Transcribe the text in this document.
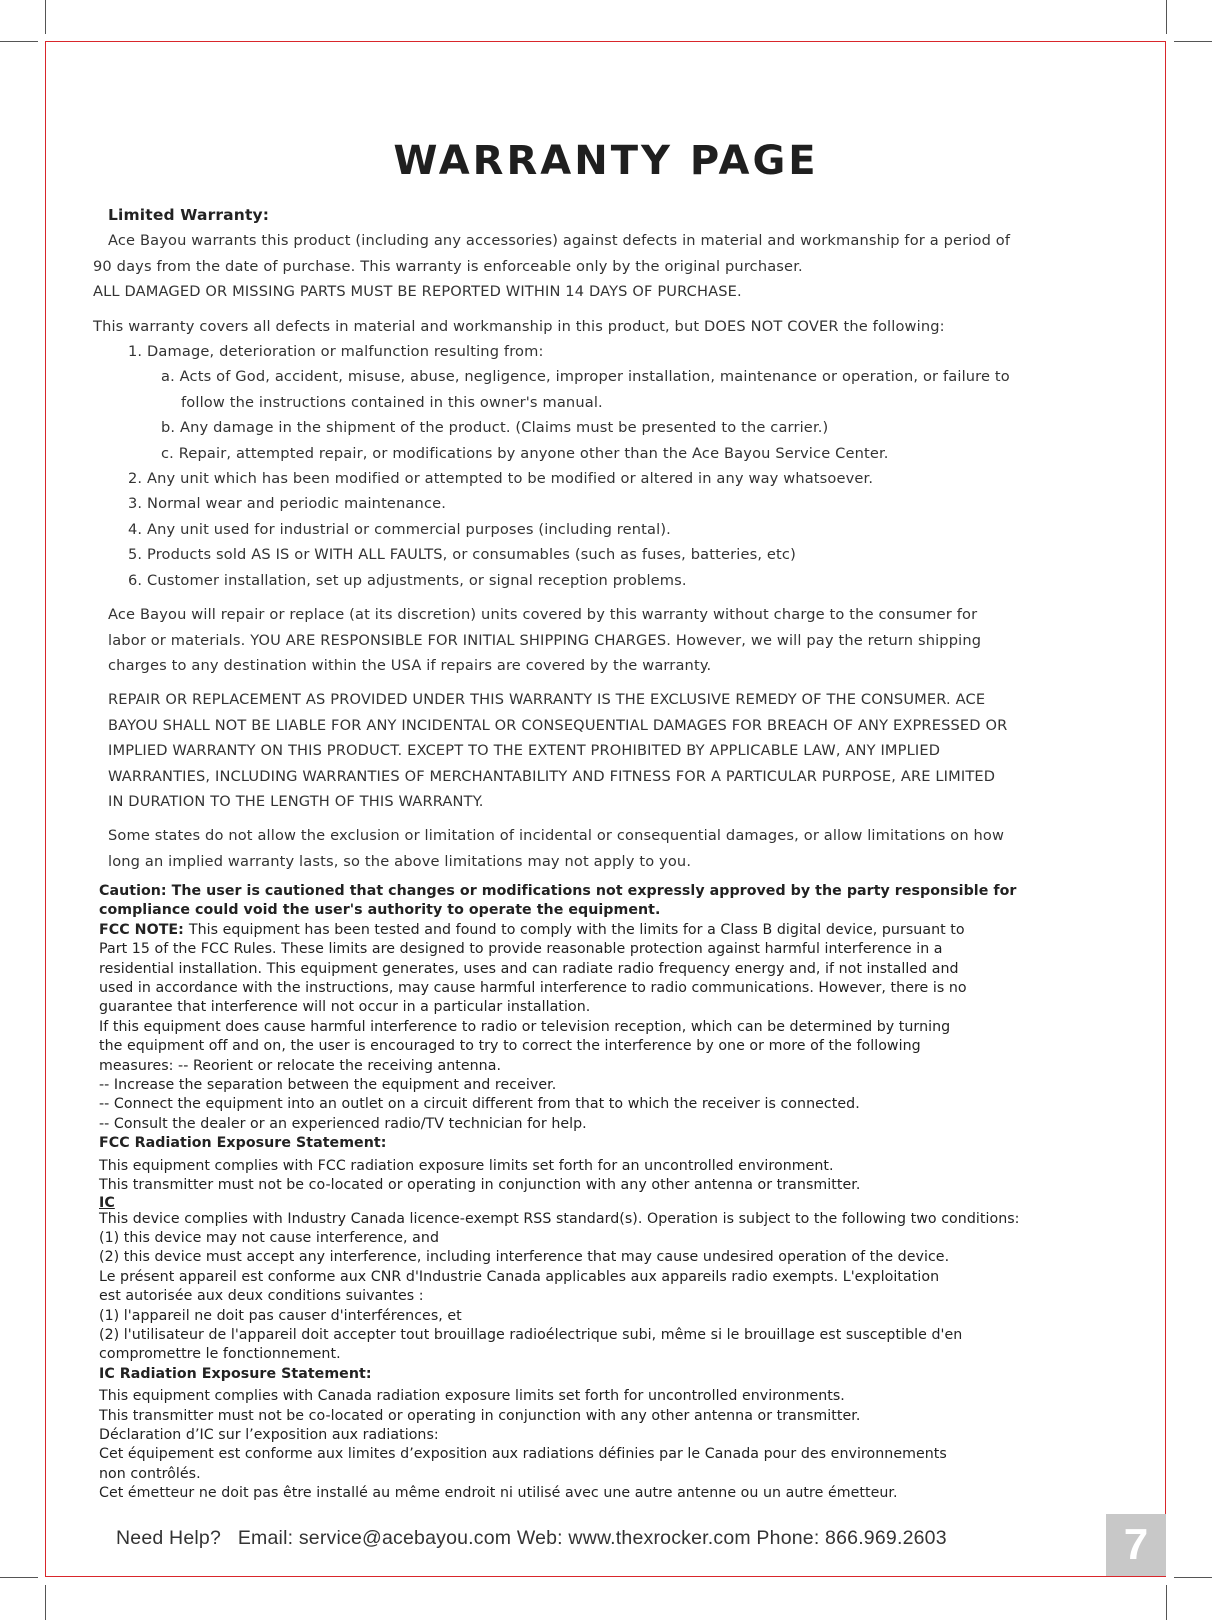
WARRANTY PAGE

Limited Warranty:

Ace Bayou warrants this product (including any accessories) against defects in material and workmanship for a period of

90 days from the date of purchase. This warranty is enforceable only by the original purchaser.

ALL DAMAGED OR MISSING PARTS MUST BE REPORTED WITHIN 14 DAYS OF PURCHASE.

This warranty covers all defects in material and workmanship in this product, but DOES NOT COVER the following:

1. Damage, deterioration or malfunction resulting from:

a. Acts of God, accident, misuse, abuse, negligence, improper installation, maintenance or operation, or failure to

follow the instructions contained in this owner's manual.

b. Any damage in the shipment of the product. (Claims must be presented to the carrier.)

c. Repair, attempted repair, or modifications by anyone other than the Ace Bayou Service Center.

2. Any unit which has been modified or attempted to be modified or altered in any way whatsoever.

3. Normal wear and periodic maintenance.

4. Any unit used for industrial or commercial purposes (including rental).

5. Products sold AS IS or WITH ALL FAULTS, or consumables (such as fuses, batteries, etc)

6. Customer installation, set up adjustments, or signal reception problems.

Ace Bayou will repair or replace (at its discretion) units covered by this warranty without charge to the consumer for

labor or materials. YOU ARE RESPONSIBLE FOR INITIAL SHIPPING CHARGES. However, we will pay the return shipping

charges to any destination within the USA if repairs are covered by the warranty.

REPAIR OR REPLACEMENT AS PROVIDED UNDER THIS WARRANTY IS THE EXCLUSIVE REMEDY OF THE CONSUMER. ACE

BAYOU SHALL NOT BE LIABLE FOR ANY INCIDENTAL OR CONSEQUENTIAL DAMAGES FOR BREACH OF ANY EXPRESSED OR

IMPLIED WARRANTY ON THIS PRODUCT. EXCEPT TO THE EXTENT PROHIBITED BY APPLICABLE LAW, ANY IMPLIED

WARRANTIES, INCLUDING WARRANTIES OF MERCHANTABILITY AND FITNESS FOR A PARTICULAR PURPOSE, ARE LIMITED

IN DURATION TO THE LENGTH OF THIS WARRANTY.

Some states do not allow the exclusion or limitation of incidental or consequential damages, or allow limitations on how

long an implied warranty lasts, so the above limitations may not apply to you.

Caution: The user is cautioned that changes or modifications not expressly approved by the party responsible for

compliance could void the user's authority to operate the equipment.

FCC NOTE: This equipment has been tested and found to comply with the limits for a Class B digital device, pursuant to

Part 15 of the FCC Rules. These limits are designed to provide reasonable protection against harmful interference in a

residential installation. This equipment generates, uses and can radiate radio frequency energy and, if not installed and

used in accordance with the instructions, may cause harmful interference to radio communications. However, there is no

guarantee that interference will not occur in a particular installation.

If this equipment does cause harmful interference to radio or television reception, which can be determined by turning

the equipment off and on, the user is encouraged to try to correct the interference by one or more of the following

measures: -- Reorient or relocate the receiving antenna.

-- Increase the separation between the equipment and receiver.

-- Connect the equipment into an outlet on a circuit different from that to which the receiver is connected.

-- Consult the dealer or an experienced radio/TV technician for help.

FCC Radiation Exposure Statement:

This equipment complies with FCC radiation exposure limits set forth for an uncontrolled environment.

This transmitter must not be co-located or operating in conjunction with any other antenna or transmitter.

IC

This device complies with Industry Canada licence-exempt RSS standard(s). Operation is subject to the following two conditions:

(1) this device may not cause interference, and

(2) this device must accept any interference, including interference that may cause undesired operation of the device.

Le présent appareil est conforme aux CNR d'Industrie Canada applicables aux appareils radio exempts. L'exploitation

est autorisée aux deux conditions suivantes :

(1) l'appareil ne doit pas causer d'interférences, et

(2) l'utilisateur de l'appareil doit accepter tout brouillage radioélectrique subi, même si le brouillage est susceptible d'en

compromettre le fonctionnement.

IC Radiation Exposure Statement:

This equipment complies with Canada radiation exposure limits set forth for uncontrolled environments.

This transmitter must not be co-located or operating in conjunction with any other antenna or transmitter.

Déclaration d’IC sur l’exposition aux radiations:

Cet équipement est conforme aux limites d’exposition aux radiations définies par le Canada pour des environnements

non contrôlés.

Cet émetteur ne doit pas être installé au même endroit ni utilisé avec une autre antenne ou un autre émetteur.

Need Help?   Email: service@acebayou.com Web: www.thexrocker.com Phone: 866.969.2603	7
